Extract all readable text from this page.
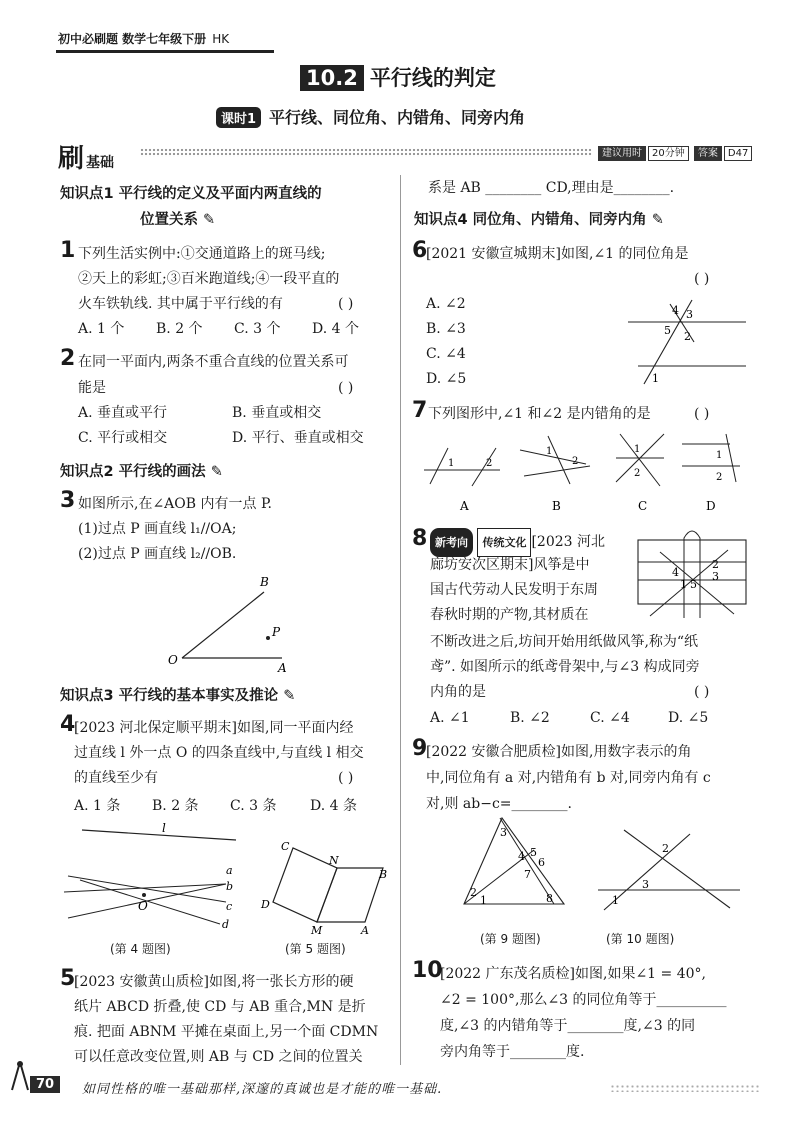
初中必刷题 数学七年级下册 HK
10.2 平行线的判定
课时1 平行线、同位角、内错角、同旁内角
刷基础
建议用时 20分钟 答案 D47
知识点1 平行线的定义及平面内两直线的
位置关系 ✎
1 下列生活实例中:①交通道路上的斑马线;
②天上的彩虹;③百米跑道线;④一段平直的
火车铁轨线. 其中属于平行线的有	( )
A. 1 个 B. 2 个 C. 3 个 D. 4 个
2 在同一平面内,两条不重合直线的位置关系可
能是	( )
A. 垂直或平行	B. 垂直或相交
C. 平行或相交	D. 平行、垂直或相交
知识点2 平行线的画法 ✎
3 如图所示,在∠AOB 内有一点 P.
(1)过点 P 画直线 l₁//OA;
(2)过点 P 画直线 l₂//OB.
O
A
B
P
知识点3 平行线的基本事实及推论 ✎
4
[2023 河北保定顺平期末]如图,同一平面内经
过直线 l 外一点 O 的四条直线中,与直线 l 相交
的直线至少有	( )
A. 1 条 B. 2 条 C. 3 条 D. 4 条
l
O
a
b
c
d
C
D
N
M
B
A
(第 4 题图)	(第 5 题图)
5
[2023 安徽黄山质检]如图,将一张长方形的硬
纸片 ABCD 折叠,使 CD 与 AB 重合,MN 是折
痕. 把面 ABNM 平摊在桌面上,另一个面 CDMN
可以任意改变位置,则 AB 与 CD 之间的位置关
系是 AB ________ CD,理由是________.
知识点4 同位角、内错角、同旁内角 ✎
6
[2021 安徽宣城期末]如图,∠1 的同位角是
( )
A. ∠2
B. ∠3
C. ∠4
D. ∠5
4 3
5 2
1
7 下列图形中,∠1 和∠2 是内错角的是	( )
1	2
1
2
1
2
1
2
A	B	C	D
8 新考向 传统文化 [2023 河北
廊坊安次区期末]风筝是中
国古代劳动人民发明于东周
春秋时期的产物,其材质在
不断改进之后,坊间开始用纸做风筝,称为“纸
鸢”. 如图所示的纸鸢骨架中,与∠3 构成同旁
内角的是	( )
A. ∠1	B. ∠2	C. ∠4	D. ∠5
4
2
3
1 5
9
[2022 安徽合肥质检]如图,用数字表示的角
中,同位角有 a 对,内错角有 b 对,同旁内角有 c
对,则 ab−c=________.
3
4 5
6
7
2
1	8
2
3
1
(第 9 题图)	(第 10 题图)
10
[2022 广东茂名质检]如图,如果∠1 = 40°,
∠2 = 100°,那么∠3 的同位角等于__________
度,∠3 的内错角等于________度,∠3 的同
旁内角等于________度.
70	如同性格的唯一基础那样,深邃的真诚也是才能的唯一基础.
